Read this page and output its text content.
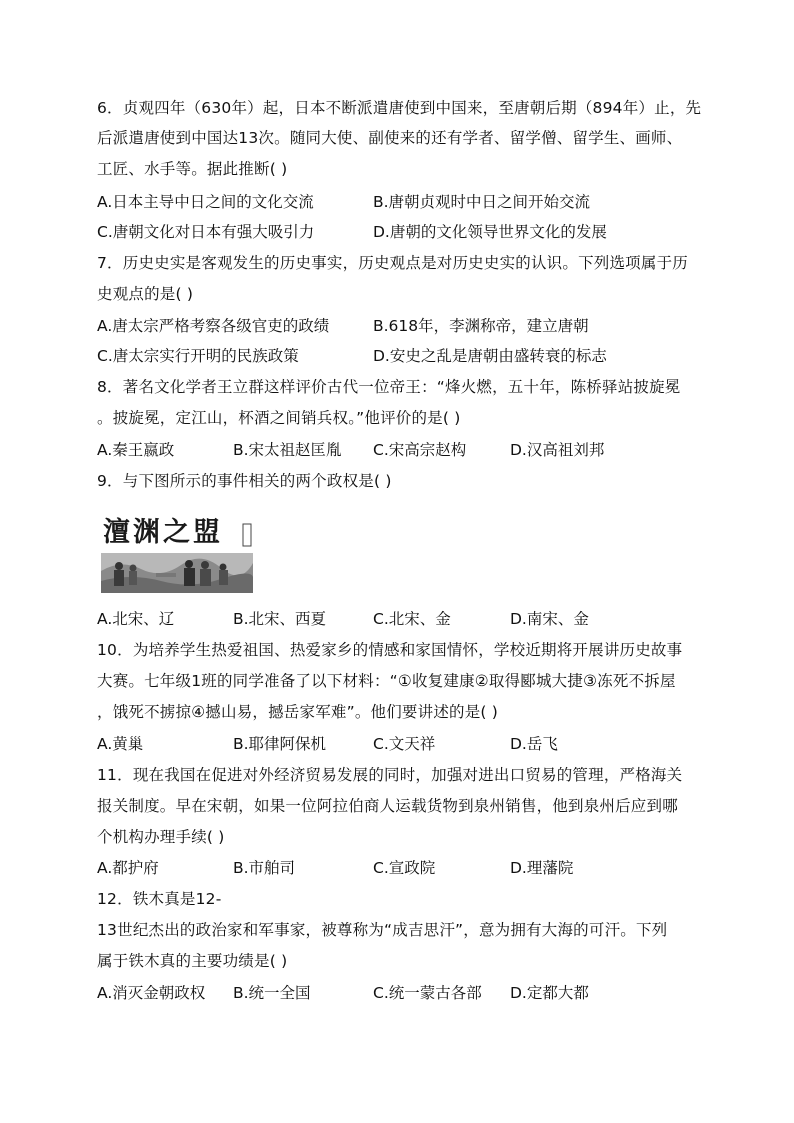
6．贞观四年（630年）起，日本不断派遣唐使到中国来，至唐朝后期（894年）止，先
后派遣唐使到中国达13次。随同大使、副使来的还有学者、留学僧、留学生、画师、
工匠、水手等。据此推断( )
A.日本主导中日之间的文化交流	B.唐朝贞观时中日之间开始交流
C.唐朝文化对日本有强大吸引力	D.唐朝的文化领导世界文化的发展
7．历史史实是客观发生的历史事实，历史观点是对历史史实的认识。下列选项属于历
史观点的是( )
A.唐太宗严格考察各级官吏的政绩	B.618年，李渊称帝，建立唐朝
C.唐太宗实行开明的民族政策	D.安史之乱是唐朝由盛转衰的标志
8．著名文化学者王立群这样评价古代一位帝王：“烽火燃，五十年，陈桥驿站披旋冕
。披旋冕，定江山，杯酒之间销兵权。”他评价的是( )
A.秦王嬴政	B.宋太祖赵匡胤 C.宋高宗赵构	D.汉高祖刘邦
9．与下图所示的事件相关的两个政权是( )
澶渊之盟
A.北宋、辽	B.北宋、西夏	C.北宋、金	D.南宋、金
10．为培养学生热爱祖国、热爱家乡的情感和家国情怀，学校近期将开展讲历史故事
大赛。七年级1班的同学准备了以下材料：“①收复建康②取得郾城大捷③冻死不拆屋
，饿死不掳掠④撼山易，撼岳家军难”。他们要讲述的是( )
A.黄巢	B.耶律阿保机	C.文天祥	D.岳飞
11．现在我国在促进对外经济贸易发展的同时，加强对进出口贸易的管理，严格海关
报关制度。早在宋朝，如果一位阿拉伯商人运载货物到泉州销售，他到泉州后应到哪
个机构办理手续( )
A.都护府	B.市舶司	C.宣政院	D.理藩院
12．铁木真是12-
13世纪杰出的政治家和军事家，被尊称为“成吉思汗”，意为拥有大海的可汗。下列
属于铁木真的主要功绩是( )
A.消灭金朝政权 B.统一全国	C.统一蒙古各部 D.定都大都
